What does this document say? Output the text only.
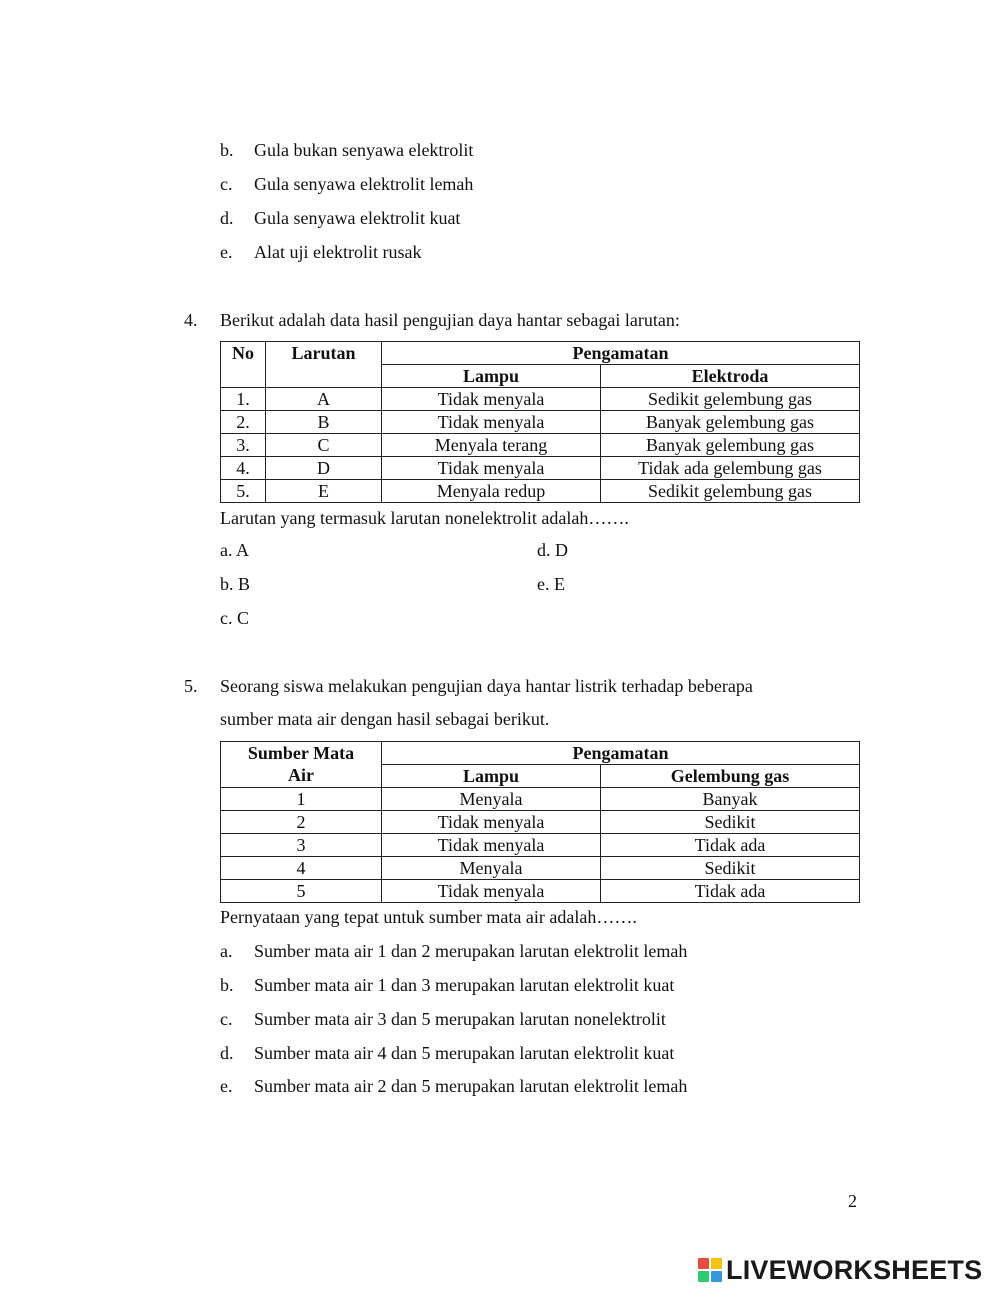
b.	Gula bukan senyawa elektrolit
c.	Gula senyawa elektrolit lemah
d.	Gula senyawa elektrolit kuat
e.	Alat uji elektrolit rusak
4. Berikut adalah data hasil pengujian daya hantar sebagai larutan:
No	Larutan	Pengamatan	
		Lampu	Elektroda
1.	A	Tidak menyala	Sedikit gelembung gas
2.	B	Tidak menyala	Banyak gelembung gas
3.	C	Menyala terang	Banyak gelembung gas
4.	D	Tidak menyala	Tidak ada gelembung gas
5.	E	Menyala redup	Sedikit gelembung gas
Larutan yang termasuk larutan nonelektrolit adalah…….
a. A
b. B
c. C
d. D
e. E
5. Seorang siswa melakukan pengujian daya hantar listrik terhadap beberapa
sumber mata air dengan hasil sebagai berikut.
Sumber Mata
Air	Pengamatan	
	Lampu	Gelembung gas
1	Menyala	Banyak
2	Tidak menyala	Sedikit
3	Tidak menyala	Tidak ada
4	Menyala	Sedikit
5	Tidak menyala	Tidak ada
Pernyataan yang tepat untuk sumber mata air adalah…….
a.	Sumber mata air 1 dan 2 merupakan larutan elektrolit lemah
b.	Sumber mata air 1 dan 3 merupakan larutan elektrolit kuat
c.	Sumber mata air 3 dan 5 merupakan larutan nonelektrolit
d.	Sumber mata air 4 dan 5 merupakan larutan elektrolit kuat
e.	Sumber mata air 2 dan 5 merupakan larutan elektrolit lemah
2
LIVEWORKSHEETS
